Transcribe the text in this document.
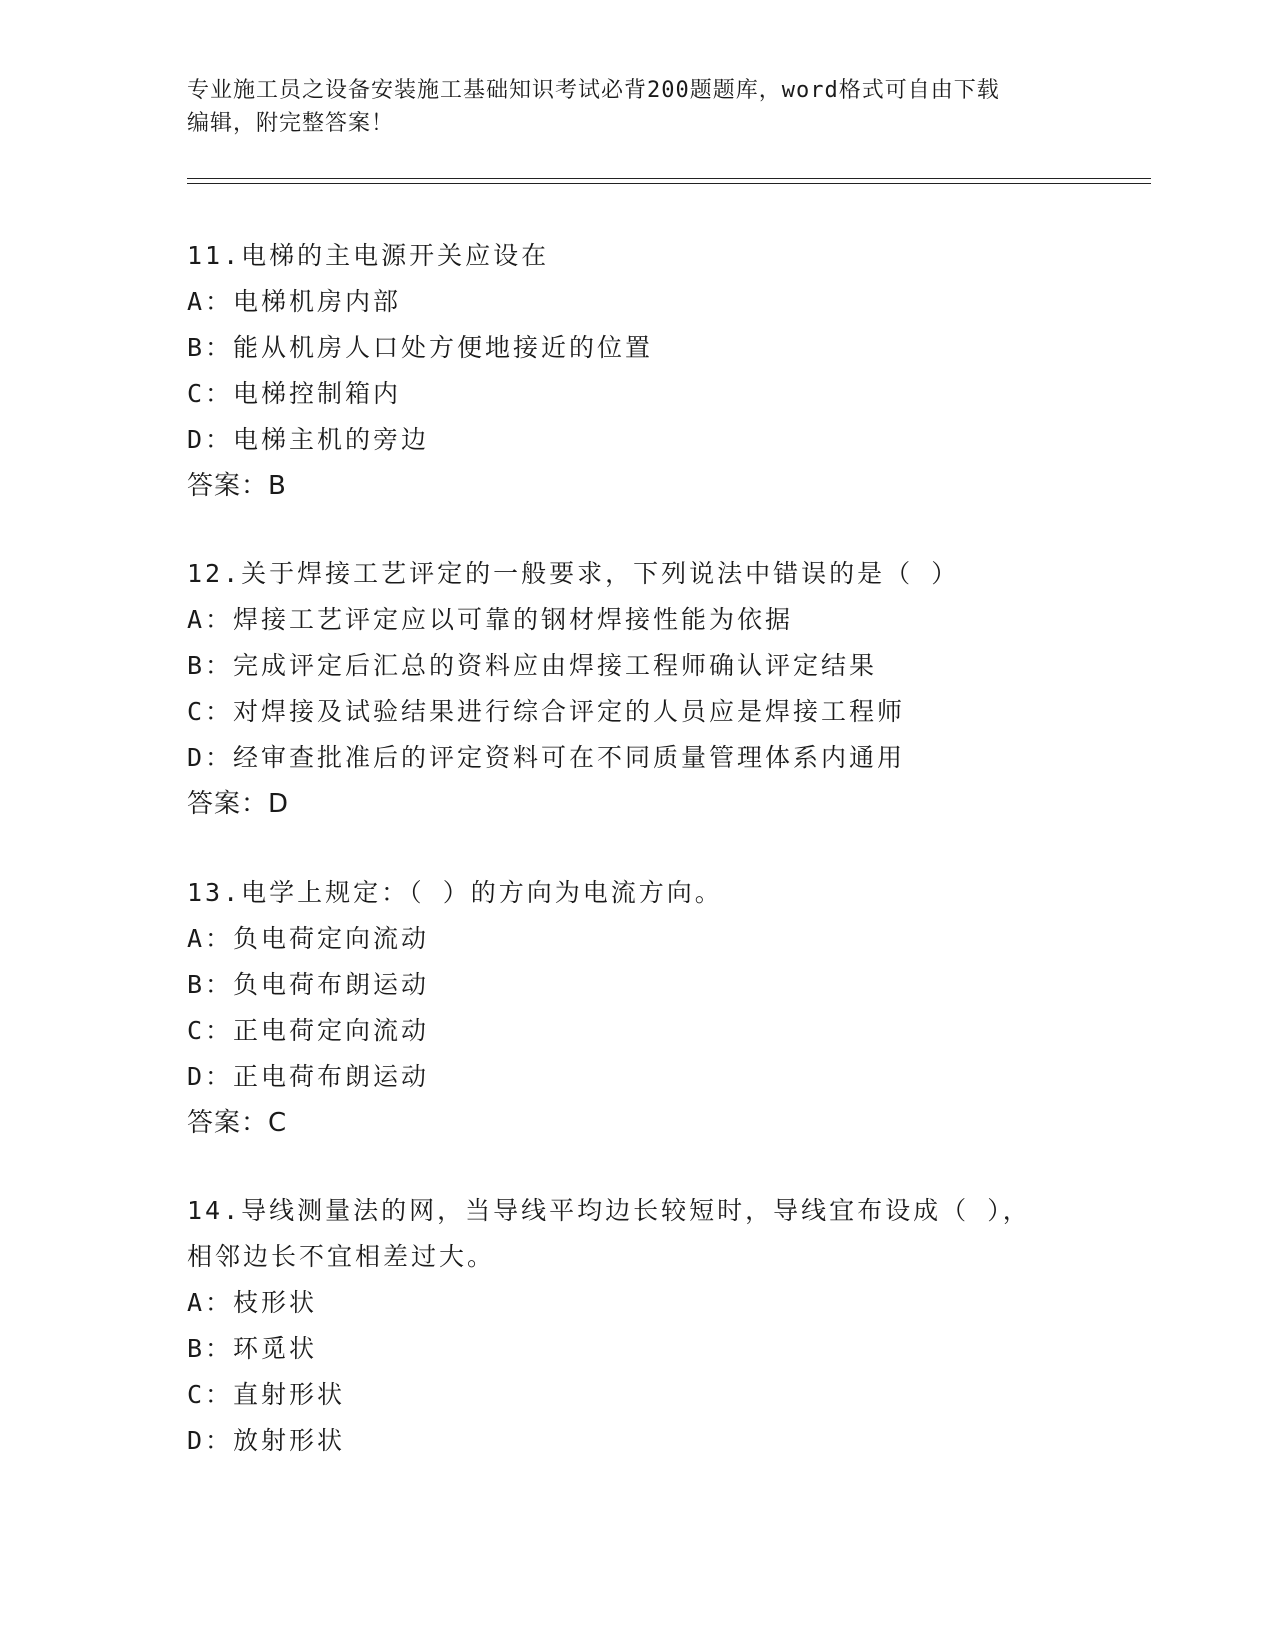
专业施工员之设备安装施工基础知识考试必背200题题库，word格式可自由下载
编辑，附完整答案！
11.电梯的主电源开关应设在
A：电梯机房内部
B：能从机房人口处方便地接近的位置
C：电梯控制箱内
D：电梯主机的旁边
答案：B
12.关于焊接工艺评定的一般要求，下列说法中错误的是（ ）
A：焊接工艺评定应以可靠的钢材焊接性能为依据
B：完成评定后汇总的资料应由焊接工程师确认评定结果
C：对焊接及试验结果进行综合评定的人员应是焊接工程师
D：经审查批准后的评定资料可在不同质量管理体系内通用
答案：D
13.电学上规定：（ ）的方向为电流方向。
A：负电荷定向流动
B：负电荷布朗运动
C：正电荷定向流动
D：正电荷布朗运动
答案：C
14.导线测量法的网，当导线平均边长较短时，导线宜布设成（ ），
相邻边长不宜相差过大。
A：枝形状
B：环觅状
C：直射形状
D：放射形状
